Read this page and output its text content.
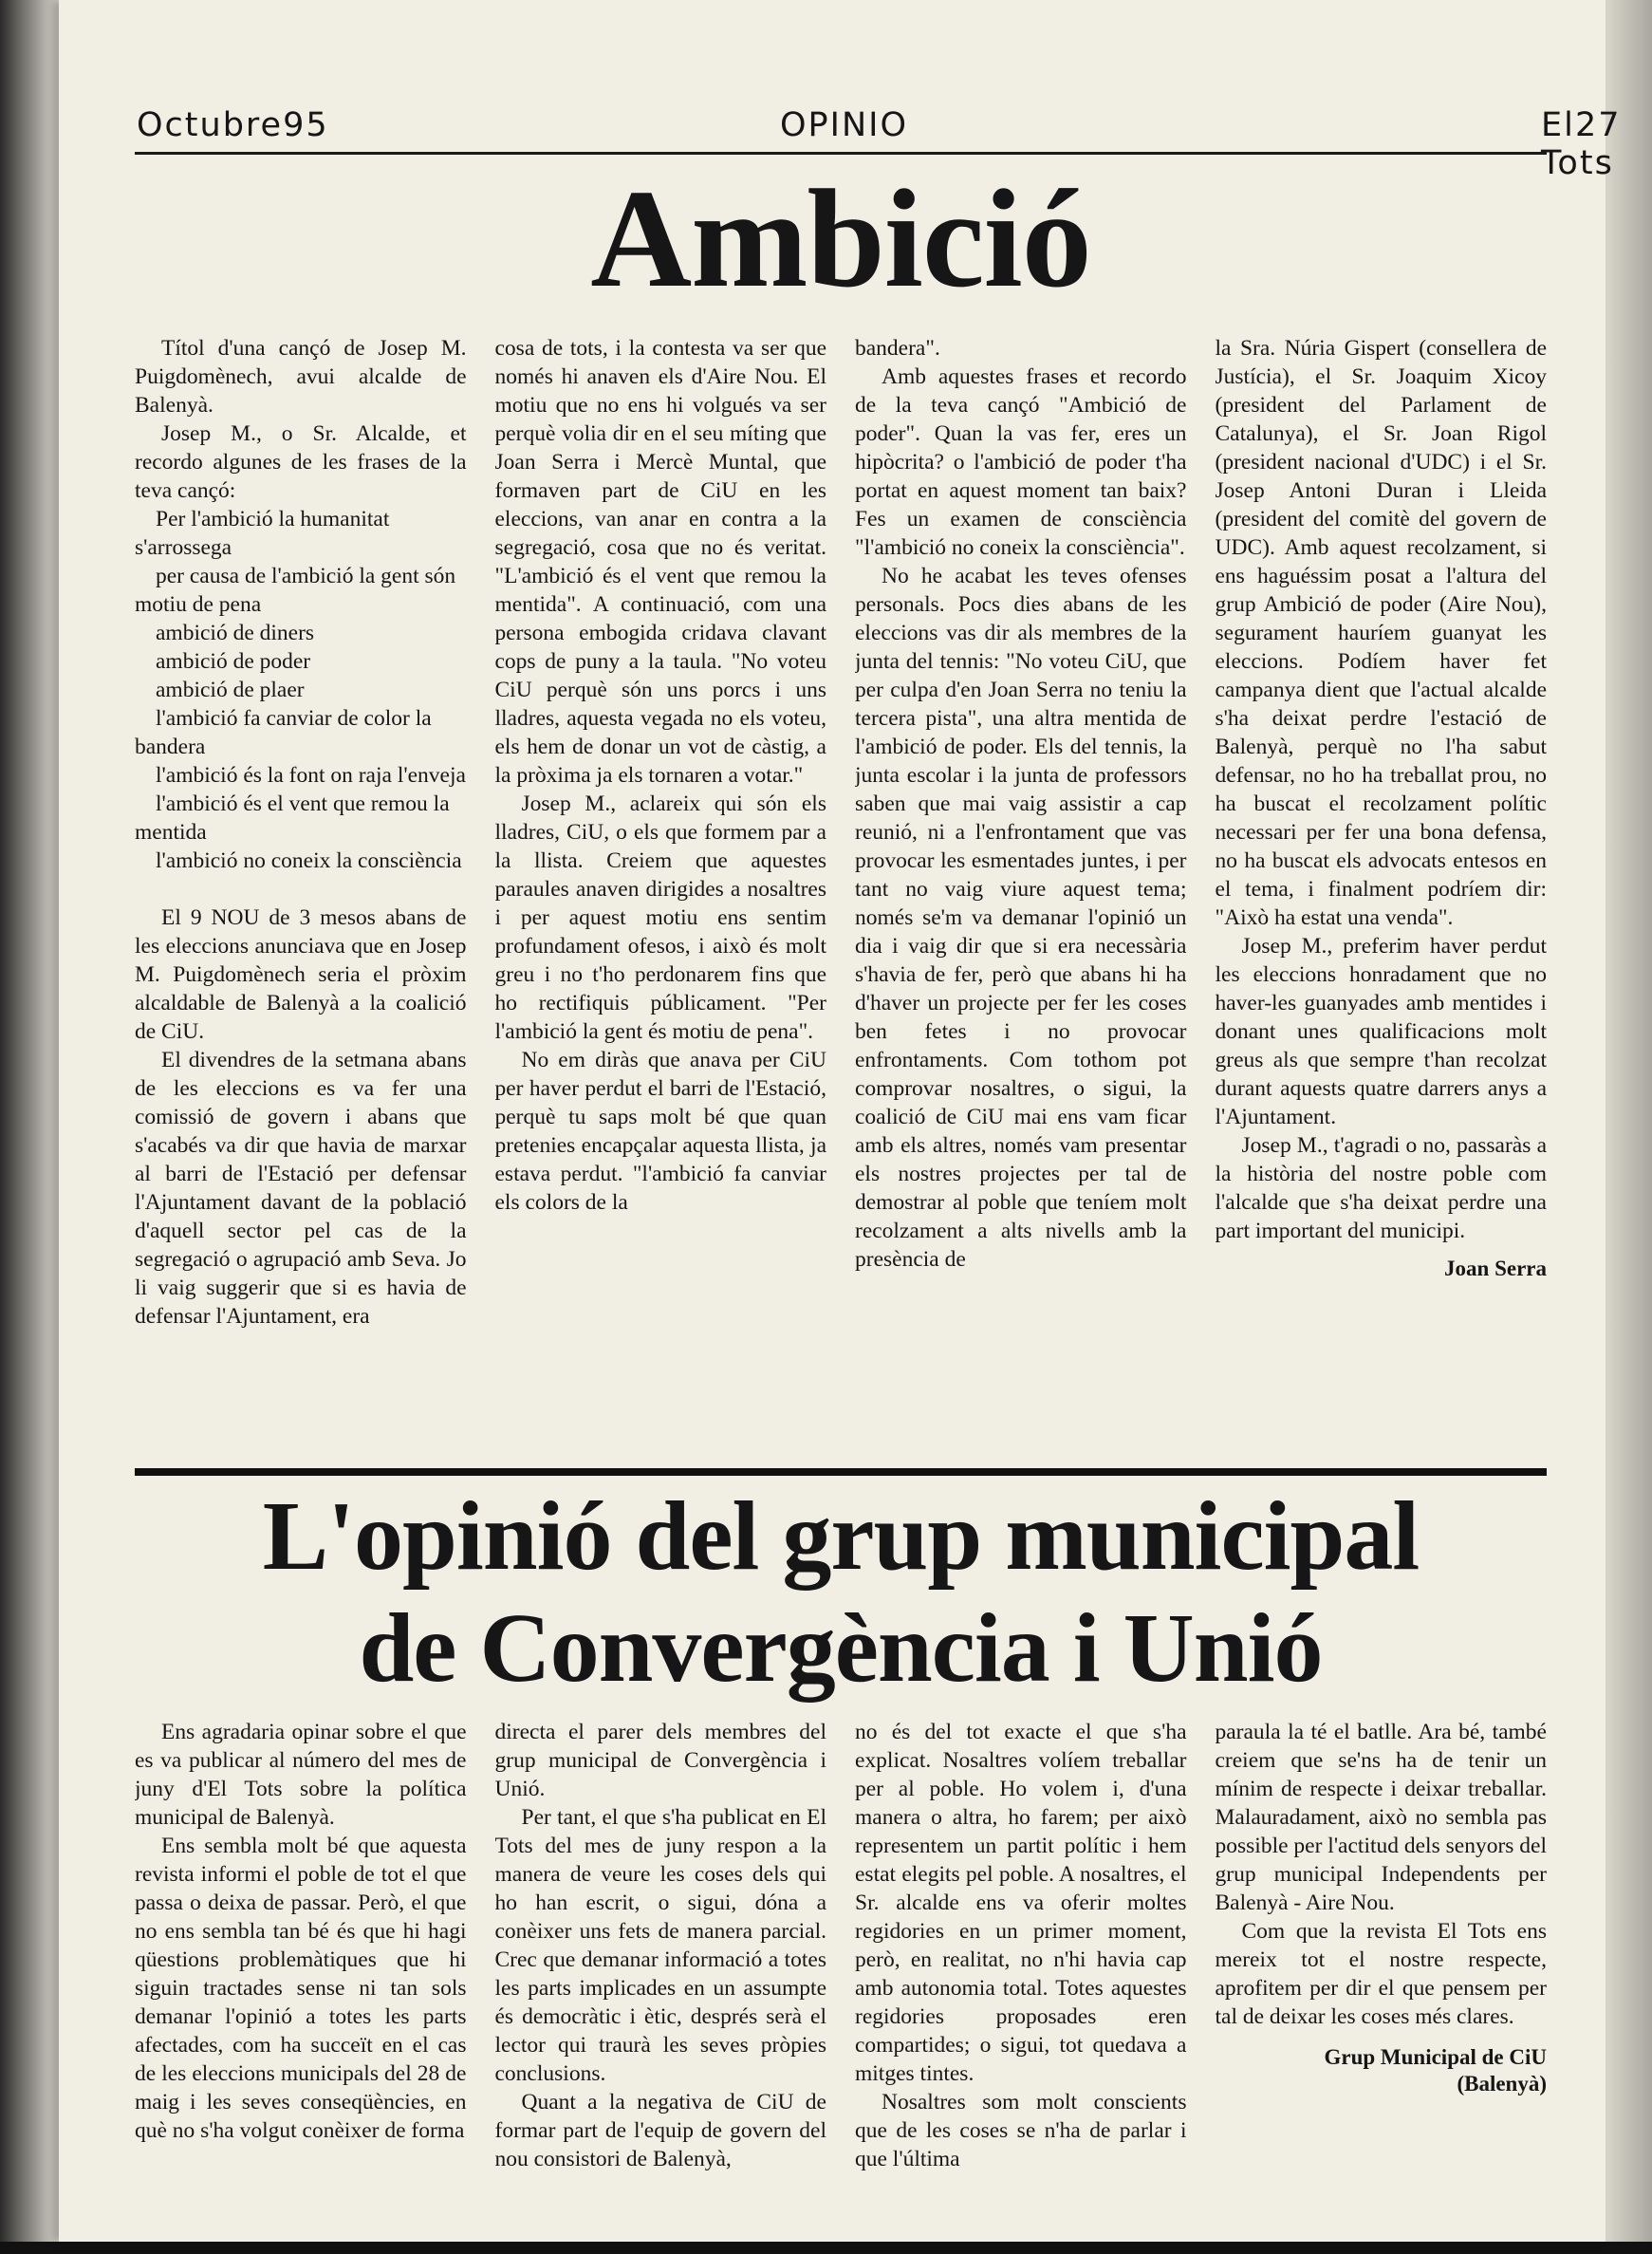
Octubre95	OPINIO	El Tots
27
Ambició

Títol d'una cançó de Josep M. Puigdomènech, avui alcalde de Balenyà.

Josep M., o Sr. Alcalde, et recordo algunes de les frases de la teva cançó:

Per l'ambició la humanitat s'arrossega

per causa de l'ambició la gent són motiu de pena

ambició de diners

ambició de poder

ambició de plaer

l'ambició fa canviar de color la bandera

l'ambició és la font on raja l'enveja

l'ambició és el vent que remou la mentida

l'ambició no coneix la consciència

El 9 NOU de 3 mesos abans de les eleccions anunciava que en Josep M. Puigdomènech seria el pròxim alcaldable de Balenyà a la coalició de CiU.

El divendres de la setmana abans de les eleccions es va fer una comissió de govern i abans que s'acabés va dir que havia de marxar al barri de l'Estació per defensar l'Ajuntament davant de la població d'aquell sector pel cas de la segregació o agrupació amb Seva. Jo li vaig suggerir que si es havia de defensar l'Ajuntament, era

cosa de tots, i la contesta va ser que només hi anaven els d'Aire Nou. El motiu que no ens hi volgués va ser perquè volia dir en el seu míting que Joan Serra i Mercè Muntal, que formaven part de CiU en les eleccions, van anar en contra a la segregació, cosa que no és veritat. "L'ambició és el vent que remou la mentida". A continuació, com una persona embogida cridava clavant cops de puny a la taula. "No voteu CiU perquè són uns porcs i uns lladres, aquesta vegada no els voteu, els hem de donar un vot de càstig, a la pròxima ja els tornaren a votar."

Josep M., aclareix qui són els lladres, CiU, o els que formem par a la llista. Creiem que aquestes paraules anaven dirigides a nosaltres i per aquest motiu ens sentim profundament ofesos, i això és molt greu i no t'ho perdonarem fins que ho rectifiquis públicament. "Per l'ambició la gent és motiu de pena".

No em diràs que anava per CiU per haver perdut el barri de l'Estació, perquè tu saps molt bé que quan pretenies encapçalar aquesta llista, ja estava perdut. "l'ambició fa canviar els colors de la

bandera".

Amb aquestes frases et recordo de la teva cançó "Ambició de poder". Quan la vas fer, eres un hipòcrita? o l'ambició de poder t'ha portat en aquest moment tan baix? Fes un examen de consciència "l'ambició no coneix la consciència".

No he acabat les teves ofenses personals. Pocs dies abans de les eleccions vas dir als membres de la junta del tennis: "No voteu CiU, que per culpa d'en Joan Serra no teniu la tercera pista", una altra mentida de l'ambició de poder. Els del tennis, la junta escolar i la junta de professors saben que mai vaig assistir a cap reunió, ni a l'enfrontament que vas provocar les esmentades juntes, i per tant no vaig viure aquest tema; només se'm va demanar l'opinió un dia i vaig dir que si era necessària s'havia de fer, però que abans hi ha d'haver un projecte per fer les coses ben fetes i no provocar enfrontaments. Com tothom pot comprovar nosaltres, o sigui, la coalició de CiU mai ens vam ficar amb els altres, només vam presentar els nostres projectes per tal de demostrar al poble que teníem molt recolzament a alts nivells amb la presència de

la Sra. Núria Gispert (consellera de Justícia), el Sr. Joaquim Xicoy (president del Parlament de Catalunya), el Sr. Joan Rigol (president nacional d'UDC) i el Sr. Josep Antoni Duran i Lleida (president del comitè del govern de UDC). Amb aquest recolzament, si ens haguéssim posat a l'altura del grup Ambició de poder (Aire Nou), segurament hauríem guanyat les eleccions. Podíem haver fet campanya dient que l'actual alcalde s'ha deixat perdre l'estació de Balenyà, perquè no l'ha sabut defensar, no ho ha treballat prou, no ha buscat el recolzament polític necessari per fer una bona defensa, no ha buscat els advocats entesos en el tema, i finalment podríem dir: "Això ha estat una venda".

Josep M., preferim haver perdut les eleccions honradament que no haver-les guanyades amb mentides i donant unes qualificacions molt greus als que sempre t'han recolzat durant aquests quatre darrers anys a l'Ajuntament.

Josep M., t'agradi o no, passaràs a la història del nostre poble com l'alcalde que s'ha deixat perdre una part important del municipi.

Joan Serra
L'opinió del grup municipal
de Convergència i Unió

Ens agradaria opinar sobre el que es va publicar al número del mes de juny d'El Tots sobre la política municipal de Balenyà.

Ens sembla molt bé que aquesta revista informi el poble de tot el que passa o deixa de passar. Però, el que no ens sembla tan bé és que hi hagi qüestions problemàtiques que hi siguin tractades sense ni tan sols demanar l'opinió a totes les parts afectades, com ha succeït en el cas de les eleccions municipals del 28 de maig i les seves conseqüències, en què no s'ha volgut conèixer de forma

directa el parer dels membres del grup municipal de Convergència i Unió.

Per tant, el que s'ha publicat en El Tots del mes de juny respon a la manera de veure les coses dels qui ho han escrit, o sigui, dóna a conèixer uns fets de manera parcial. Crec que demanar informació a totes les parts implicades en un assumpte és democràtic i ètic, després serà el lector qui traurà les seves pròpies conclusions.

Quant a la negativa de CiU de formar part de l'equip de govern del nou consistori de Balenyà,

no és del tot exacte el que s'ha explicat. Nosaltres volíem treballar per al poble. Ho volem i, d'una manera o altra, ho farem; per això representem un partit polític i hem estat elegits pel poble. A nosaltres, el Sr. alcalde ens va oferir moltes regidories en un primer moment, però, en realitat, no n'hi havia cap amb autonomia total. Totes aquestes regidories proposades eren compartides; o sigui, tot quedava a mitges tintes.

Nosaltres som molt conscients que de les coses se n'ha de parlar i que l'última

paraula la té el batlle. Ara bé, també creiem que se'ns ha de tenir un mínim de respecte i deixar treballar. Malauradament, això no sembla pas possible per l'actitud dels senyors del grup municipal Independents per Balenyà - Aire Nou.

Com que la revista El Tots ens mereix tot el nostre respecte, aprofitem per dir el que pensem per tal de deixar les coses més clares.

Grup Municipal de CiU
(Balenyà)
